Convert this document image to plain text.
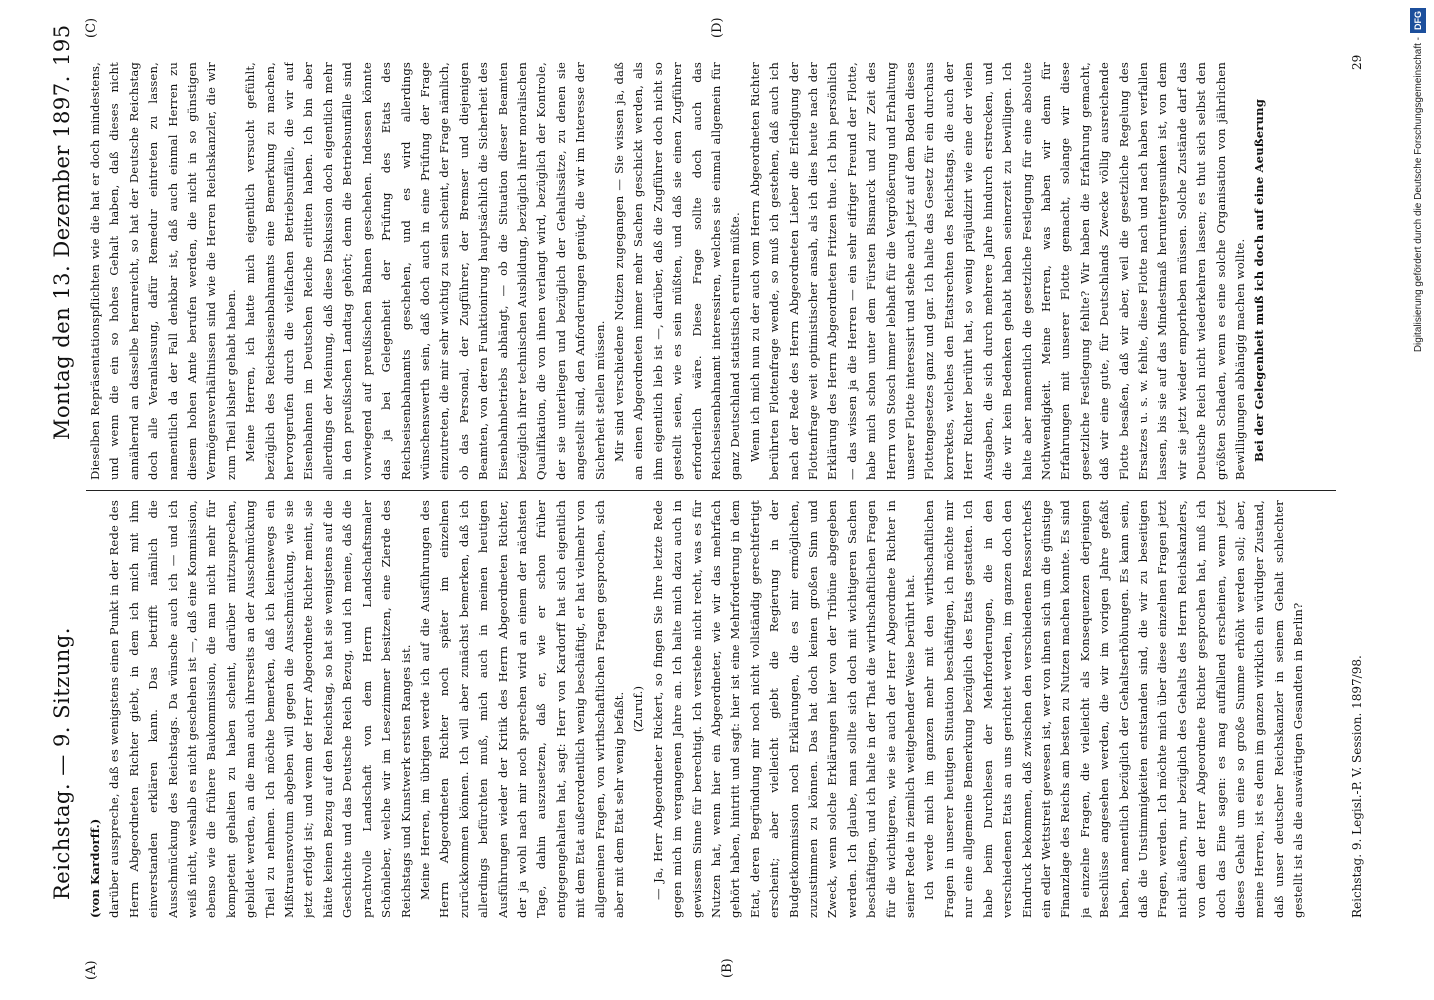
Reichstag. — 9. Sitzung.
Montag den 13. Dezember 1897.
195
(A)	(B)
(C)	(D)

(von Kardorff.) darüber ausspreche, daß es wenigstens einen Punkt in der Rede des Herrn Abgeordneten Richter giebt, in dem ich mich mit ihm einverstanden erklären kann. Das betrifft nämlich die Ausschmückung des Reichstags. Da wünsche auch ich — und ich weiß nicht, weshalb es nicht geschehen ist —, daß eine Kommission, ebenso wie die frühere Baukommission, die man nicht mehr für kompetent gehalten zu haben scheint, darüber mitzusprechen, gebildet werden, an die man auch ihrerseits an der Ausschmückung Theil zu nehmen. Ich möchte bemerken, daß ich keineswegs ein Mißtrauensvotum abgeben will gegen die Ausschmückung, wie sie jetzt erfolgt ist; und wenn der Herr Abgeordnete Richter meint, sie hätte keinen Bezug auf den Reichstag, so hat sie wenigstens auf die Geschichte und das Deutsche Reich Bezug, und ich meine, daß die prachtvolle Landschaft von dem Herrn Landschaftsmaler Schönleber, welche wir im Lesezimmer besitzen, eine Zierde des Reichstags und Kunstwerk ersten Ranges ist. Meine Herren, im übrigen werde ich auf die Ausführungen des Herrn Abgeordneten Richter noch später im einzelnen zurückkommen können. Ich will aber zunächst bemerken, daß ich allerdings befürchten muß, mich auch in meinen heutigen Ausführungen wieder der Kritik des Herrn Abgeordneten Richter, der ja wohl nach mir noch sprechen wird an einem der nächsten Tage, dahin auszusetzen, daß er, wie er schon früher entgegengehalten hat, sagt: Herr von Kardorff hat sich eigentlich mit dem Etat außerordentlich wenig beschäftigt, er hat vielmehr von allgemeinen Fragen, von wirthschaftlichen Fragen gesprochen, sich aber mit dem Etat sehr wenig befaßt. (Zuruf.) — Ja, Herr Abgeordneter Rickert, so fingen Sie Ihre letzte Rede gegen mich im vergangenen Jahre an. Ich halte mich dazu auch in gewissem Sinne für berechtigt. Ich verstehe nicht recht, was es für Nutzen hat, wenn hier ein Abgeordneter, wie wir das mehrfach gehört haben, hintritt und sagt: hier ist eine Mehrforderung in dem Etat, deren Begründung mir noch nicht vollständig gerechtfertigt erscheint; aber vielleicht giebt die Regierung in der Budgetkommission noch Erklärungen, die es mir ermöglichen, zuzustimmen zu können. Das hat doch keinen großen Sinn und Zweck, wenn solche Erklärungen hier von der Tribüne abgegeben werden. Ich glaube, man sollte sich doch mit wichtigeren Sachen beschäftigen, und ich halte in der That die wirthschaftlichen Fragen für die wichtigeren, wie sie auch der Herr Abgeordnete Richter in seiner Rede in ziemlich weitgehender Weise berührt hat. Ich werde mich im ganzen mehr mit den wirthschaftlichen Fragen in unserer heutigen Situation beschäftigen, ich möchte mir nur eine allgemeine Bemerkung bezüglich des Etats gestatten. Ich habe beim Durchlesen der Mehrforderungen, die in den verschiedenen Etats an uns gerichtet werden, im ganzen doch den Eindruck bekommen, daß zwischen den verschiedenen Ressortchefs ein edler Wettstreit gewesen ist, wer von ihnen sich um die günstige Finanzlage des Reichs am besten zu Nutzen machen konnte. Es sind ja einzelne Fragen, die vielleicht als Konsequenzen derjenigen Beschlüsse angesehen werden, die wir im vorigen Jahre gefaßt haben, namentlich bezüglich der Gehaltserhöhungen. Es kann sein, daß die Unstimmigkeiten entstanden sind, die wir zu beseitigen Fragen, werden. Ich möchte mich über diese einzelnen Fragen jetzt nicht äußern, nur bezüglich des Gehalts des Herrn Reichskanzlers, von dem der Herr Abgeordnete Richter gesprochen hat, muß ich doch das Eine sagen: es mag auffallend erscheinen, wenn jetzt dieses Gehalt um eine so große Summe erhöht werden soll; aber, meine Herren, ist es denn im ganzen wirklich ein würdiger Zustand, daß unser deutscher Reichskanzler in seinem Gehalt schlechter gestellt ist als die auswärtigen Gesandten in Berlin?

Dieselben Repräsentationspflichten wie die hat er doch mindestens, und wenn die ein so hohes Gehalt haben, daß dieses nicht annähernd an dasselbe heranreicht, so hat der Deutsche Reichstag doch alle Veranlassung, dafür Remedur eintreten zu lassen, namentlich da der Fall denkbar ist, daß auch einmal Herren zu diesem hohen Amte berufen werden, die nicht in so günstigen Vermögensverhältnissen sind wie die Herren Reichskanzler, die wir zum Theil bisher gehabt haben. Meine Herren, ich hatte mich eigentlich versucht gefühlt, bezüglich des Reichseisenbahnamts eine Bemerkung zu machen, hervorgerufen durch die vielfachen Betriebsunfälle, die wir auf Eisenbahnen im Deutschen Reiche erlitten haben. Ich bin aber allerdings der Meinung, daß diese Diskussion doch eigentlich mehr in den preußischen Landtag gehört; denn die Betriebsunfälle sind vorwiegend auf preußischen Bahnen geschehen. Indessen könnte das ja bei Gelegenheit der Prüfung des Etats des Reichseisenbahnamts geschehen, und es wird allerdings wünschenswerth sein, daß doch auch in eine Prüfung der Frage einzutreten, die mir sehr wichtig zu sein scheint, der Frage nämlich, ob das Personal, der Zugführer, der Bremser und diejenigen Beamten, von deren Funktionirung hauptsächlich die Sicherheit des Eisenbahnbetriebs abhängt, — ob die Situation dieser Beamten bezüglich ihrer technischen Ausbildung, bezüglich ihrer moralischen Qualifikation, die von ihnen verlangt wird, bezüglich der Kontrole, der sie unterliegen und bezüglich der Gehaltssätze, zu denen sie angestellt sind, den Anforderungen genügt, die wir im Interesse der Sicherheit stellen müssen. Mir sind verschiedene Notizen zugegangen — Sie wissen ja, daß an einen Abgeordneten immer mehr Sachen geschickt werden, als ihm eigentlich lieb ist —, darüber, daß die Zugführer doch nicht so gestellt seien, wie es sein müßten, und daß sie einen Zugführer erforderlich wäre. Diese Frage sollte doch auch das Reichseisenbahnamt interessiren, welches sie einmal allgemein für ganz Deutschland statistisch eruiren müßte. Wenn ich mich nun zu der auch vom Herrn Abgeordneten Richter berührten Flottenfrage wende, so muß ich gestehen, daß auch ich nach der Rede des Herrn Abgeordneten Lieber die Erledigung der Flottenfrage weit optimistischer ansah, als ich dies heute nach der Erklärung des Herrn Abgeordneten Fritzen thue. Ich bin persönlich — das wissen ja die Herren — ein sehr eifriger Freund der Flotte, habe mich schon unter dem Fürsten Bismarck und zur Zeit des Herrn von Stosch immer lebhaft für die Vergrößerung und Erhaltung unserer Flotte interessirt und stehe auch jetzt auf dem Boden dieses Flottengesetzes ganz und gar. Ich halte das Gesetz für ein durchaus korrektes, welches den Etatsrechten des Reichstags, die auch der Herr Richter berührt hat, so wenig präjudizirt wie eine der vielen Ausgaben, die sich durch mehrere Jahre hindurch erstrecken, und die wir kein Bedenken gehabt haben seinerzeit zu bewilligen. Ich halte aber namentlich die gesetzliche Festlegung für eine absolute Nothwendigkeit. Meine Herren, was haben wir denn für Erfahrungen mit unserer Flotte gemacht, solange wir diese gesetzliche Festlegung fehlte? Wir haben die Erfahrung gemacht, daß wir eine gute, für Deutschlands Zwecke völlig ausreichende Flotte besaßen, daß wir aber, weil die gesetzliche Regelung des Ersatzes u. s. w. fehlte, diese Flotte nach und nach haben verfallen lassen, bis sie auf das Mindestmaß heruntergesunken ist, von dem wir sie jetzt wieder emporheben müssen. Solche Zustände darf das Deutsche Reich nicht wiederkehren lassen; es thut sich selbst den größten Schaden, wenn es eine solche Organisation von jährlichen Bewilligungen abhängig machen wollte. Bei der Gelegenheit muß ich doch auf eine Aeußerung

Reichstag. 9. Legisl.-P. V. Session. 1897/98.
29	Digitalisierung gefördert durch die Deutsche Forschungsgemeinschaft -DFG
